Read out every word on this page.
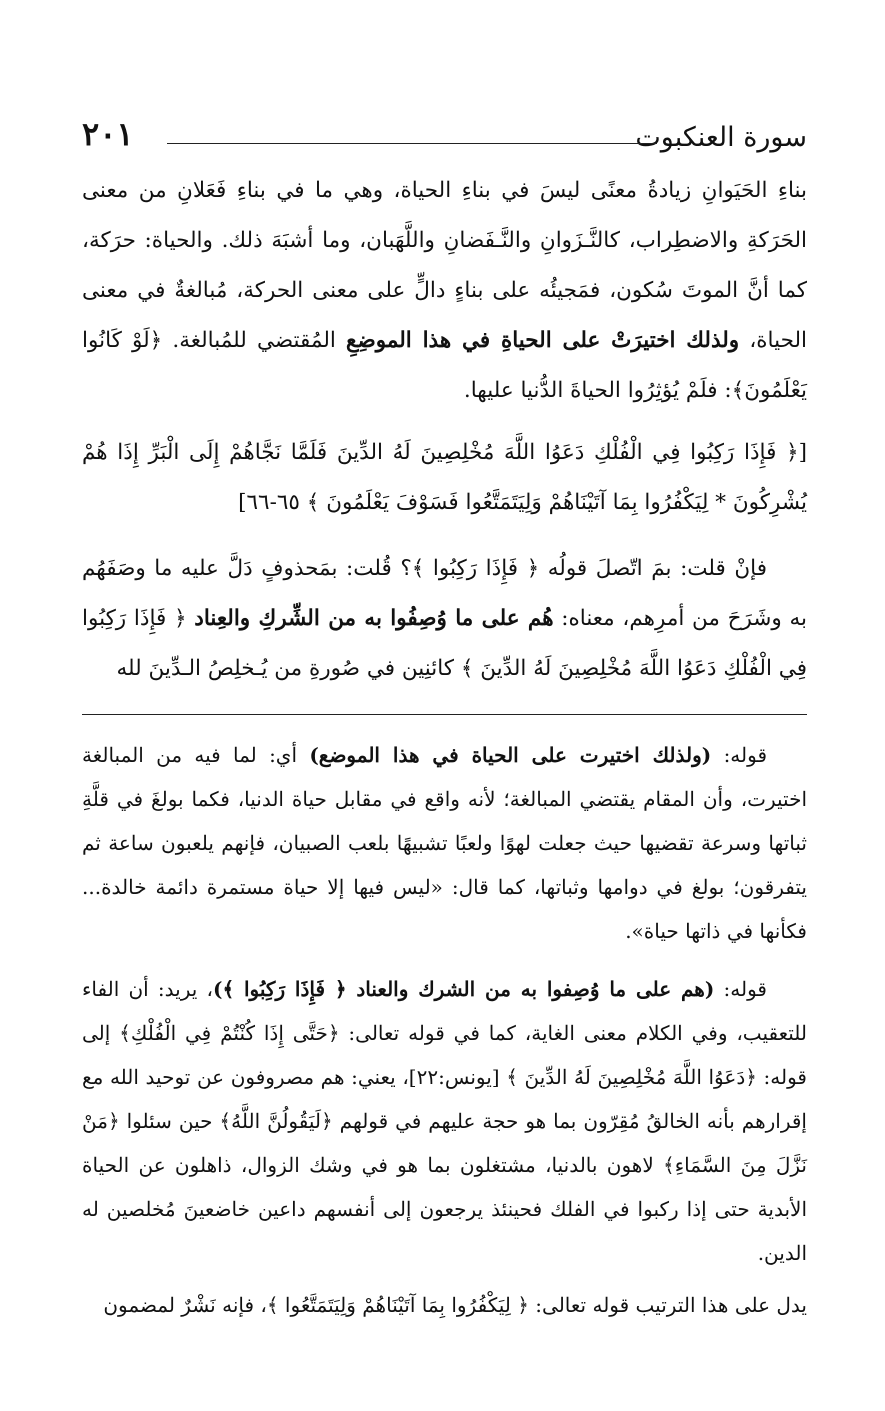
سورة العنكبوت
٢٠١

بناءِ الحَيَوانِ زيادةُ معنًى ليسَ في بناءِ الحياة، وهي ما في بناءِ فَعَلانِ من معنى الحَرَكةِ والاضطِراب، كالنَّـزَوانِ والنَّـفَضانِ واللَّهَبان، وما أشبَهَ ذلك. والحياة: حرَكة، كما أنَّ الموتَ سُكون، فمَجيئُه على بناءٍ دالٍّ على معنى الحركة، مُبالغةٌ في معنى الحياة، ولذلك اختيرَتْ على الحياةِ في هذا الموضِعِ المُقتضي للمُبالغة. ﴿لَوْ كَانُوا يَعْلَمُونَ﴾: فلَمْ يُؤثِرُوا الحياةَ الدُّنيا عليها.

[﴿ فَإِذَا رَكِبُوا فِي الْفُلْكِ دَعَوُا اللَّهَ مُخْلِصِينَ لَهُ الدِّينَ فَلَمَّا نَجَّاهُمْ إِلَى الْبَرِّ إِذَا هُمْ يُشْرِكُونَ * لِيَكْفُرُوا بِمَا آتَيْنَاهُمْ وَلِيَتَمَتَّعُوا فَسَوْفَ يَعْلَمُونَ ﴾ ٦٥-٦٦]

فإنْ قلت: بمَ اتّصلَ قولُه ﴿ فَإِذَا رَكِبُوا ﴾؟ قُلت: بمَحذوفٍ دَلَّ عليه ما وصَفَهُم به وشَرَحَ من أمرِهم، معناه: هُم على ما وُصِفُوا به من الشِّركِ والعِناد ﴿ فَإِذَا رَكِبُوا فِي الْفُلْكِ دَعَوُا اللَّهَ مُخْلِصِينَ لَهُ الدِّينَ ﴾ كائنِين في صُورةِ من يُـخلِصُ الـدِّينَ لله

قوله: (ولذلك اختيرت على الحياة في هذا الموضع) أي: لما فيه من المبالغة اختيرت، وأن المقام يقتضي المبالغة؛ لأنه واقع في مقابل حياة الدنيا، فكما بولغَ في قلَّةِ ثباتها وسرعة تقضيها حيث جعلت لهوًا ولعبًا تشبيهًا بلعب الصبيان، فإنهم يلعبون ساعة ثم يتفرقون؛ بولغ في دوامها وثباتها، كما قال: «ليس فيها إلا حياة مستمرة دائمة خالدة... فكأنها في ذاتها حياة».

قوله: (هم على ما وُصِفوا به من الشرك والعناد ﴿ فَإِذَا رَكِبُوا ﴾)، يريد: أن الفاء للتعقيب، وفي الكلام معنى الغاية، كما في قوله تعالى: ﴿حَتَّى إِذَا كُنْتُمْ فِي الْفُلْكِ﴾ إلى قوله: ﴿دَعَوُا اللَّهَ مُخْلِصِينَ لَهُ الدِّينَ ﴾ [يونس:٢٢]، يعني: هم مصروفون عن توحيد الله مع إقرارهم بأنه الخالقُ مُقِرّون بما هو حجة عليهم في قولهم ﴿لَيَقُولُنَّ اللَّهُ﴾ حين سئلوا ﴿مَنْ نَزَّلَ مِنَ السَّمَاءِ﴾ لاهون بالدنيا، مشتغلون بما هو في وشك الزوال، ذاهلون عن الحياة الأبدية حتى إذا ركبوا في الفلك فحينئذ يرجعون إلى أنفسهم داعين خاضعينَ مُخلصين له الدين.

يدل على هذا الترتيب قوله تعالى: ﴿ لِيَكْفُرُوا بِمَا آتَيْنَاهُمْ وَلِيَتَمَتَّعُوا ﴾، فإنه نَشْرٌ لمضمون
